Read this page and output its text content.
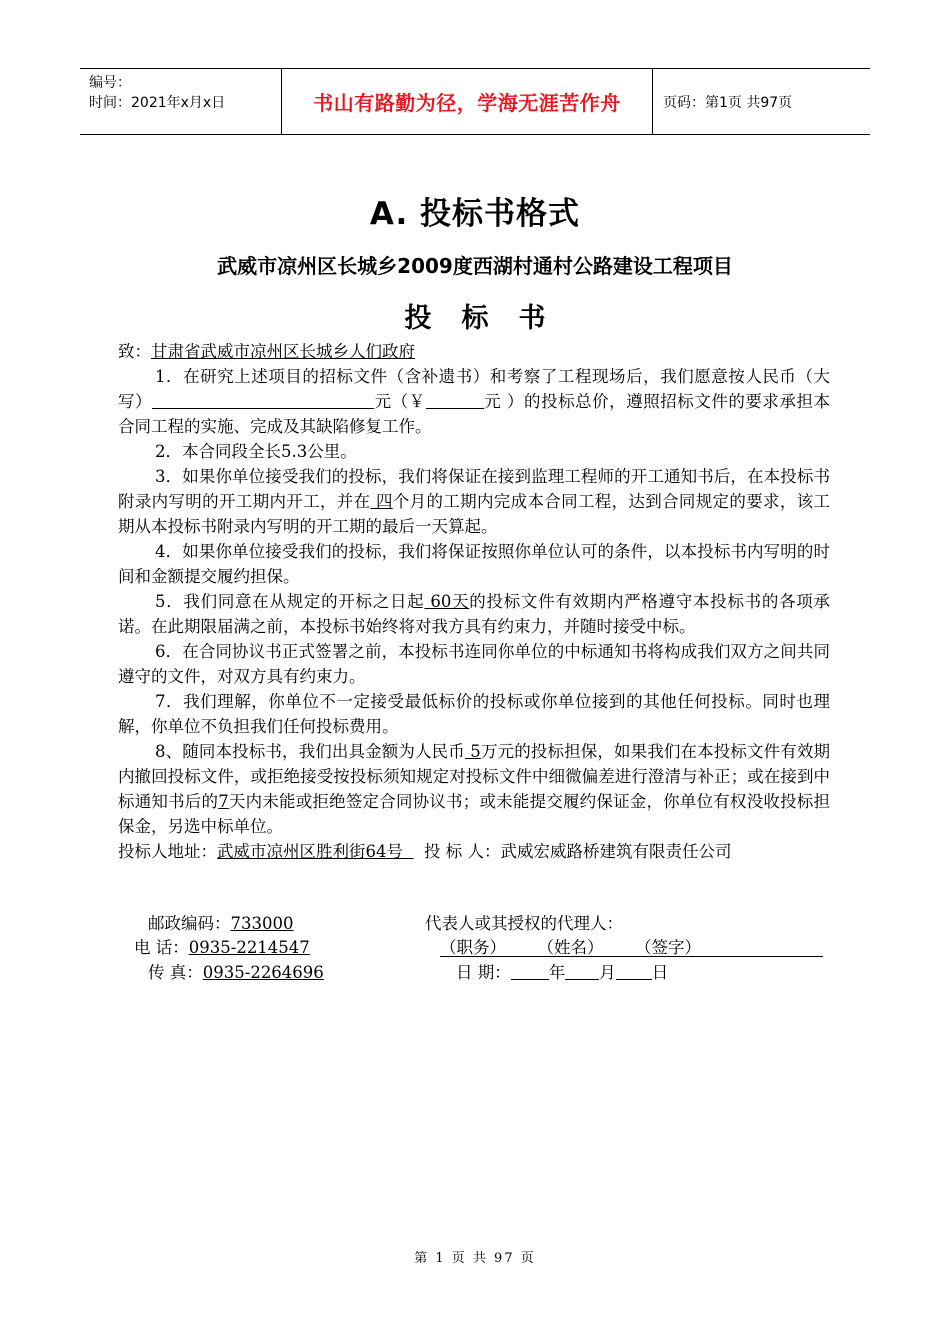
编号：
时间：2021年x月x日	书山有路勤为径，学海无涯苦作舟	页码：第1页 共97页
A. 投标书格式
武威市凉州区长城乡2009度西湖村通村公路建设工程项目
投标书

致：甘肃省武威市凉州区长城乡人们政府

1．在研究上述项目的招标文件（含补遗书）和考察了工程现场后，我们愿意按人民币（大写）	元（￥	元 ）的投标总价，遵照招标文件的要求承担本合同工程的实施、完成及其缺陷修复工作。

2．本合同段全长5.3公里。

3．如果你单位接受我们的投标，我们将保证在接到监理工程师的开工通知书后，在本投标书附录内写明的开工期内开工，并在 四个月的工期内完成本合同工程，达到合同规定的要求，该工期从本投标书附录内写明的开工期的最后一天算起。

4．如果你单位接受我们的投标，我们将保证按照你单位认可的条件，以本投标书内写明的时间和金额提交履约担保。

5．我们同意在从规定的开标之日起 60天的投标文件有效期内严格遵守本投标书的各项承诺。在此期限届满之前，本投标书始终将对我方具有约束力，并随时接受中标。

6．在合同协议书正式签署之前，本投标书连同你单位的中标通知书将构成我们双方之间共同遵守的文件，对双方具有约束力。

7．我们理解，你单位不一定接受最低标价的投标或你单位接到的其他任何投标。同时也理解，你单位不负担我们任何投标费用。

8、随同本投标书，我们出具金额为人民币 5万元的投标担保，如果我们在本投标文件有效期内撤回投标文件，或拒绝接受按投标须知规定对投标文件中细微偏差进行澄清与补正；或在接到中标通知书后的7天内未能或拒绝签定合同协议书；或未能提交履约保证金，你单位有权没收投标担保金，另选中标单位。

投标人地址：武威市凉州区胜利街64号 投 标 人：武威宏威路桥建筑有限责任公司

邮政编码：733000	代表人或其授权的代理人：
电 话：0935-2214547	（职务） （姓名） （签字）
传 真：0935-2264696	日 期： 年 月 日
第 1 页 共 97 页
